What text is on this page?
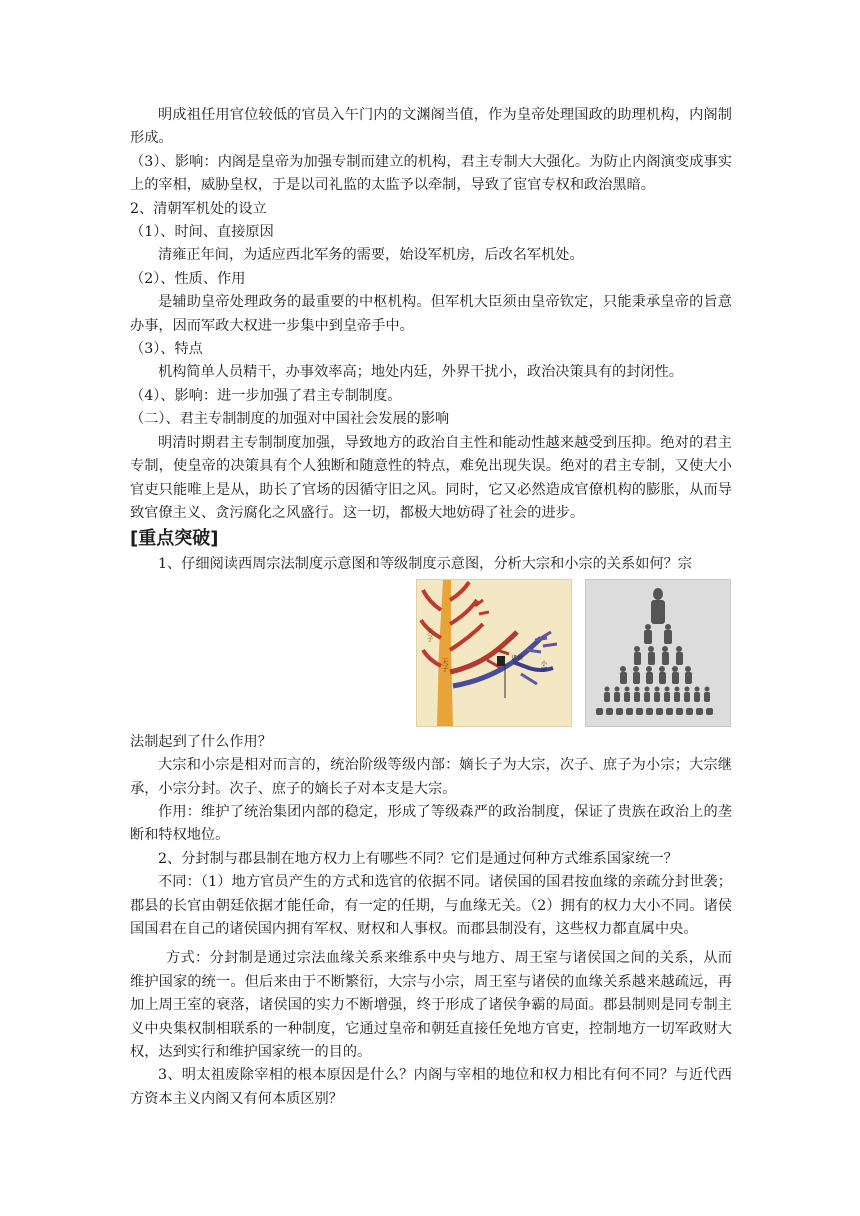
明成祖任用官位较低的官员入午门内的文渊阁当值，作为皇帝处理国政的助理机构，内阁制形成。

（3）、影响：内阁是皇帝为加强专制而建立的机构，君主专制大大强化。为防止内阁演变成事实上的宰相，威胁皇权，于是以司礼监的太监予以牵制，导致了宦官专权和政治黑暗。

2、清朝军机处的设立

（1）、时间、直接原因

清雍正年间，为适应西北军务的需要，始设军机房，后改名军机处。

（2）、性质、作用

是辅助皇帝处理政务的最重要的中枢机构。但军机大臣须由皇帝钦定，只能秉承皇帝的旨意办事，因而军政大权进一步集中到皇帝手中。

（3）、特点

机构简单人员精干，办事效率高；地处内廷，外界干扰小，政治决策具有的封闭性。

（4）、影响：进一步加强了君主专制制度。

（二）、君主专制制度的加强对中国社会发展的影响

明清时期君主专制制度加强，导致地方的政治自主性和能动性越来越受到压抑。绝对的君主专制，使皇帝的决策具有个人独断和随意性的特点，难免出现失误。绝对的君主专制，又使大小官吏只能唯上是从，助长了官场的因循守旧之风。同时，它又必然造成官僚机构的膨胀，从而导致官僚主义、贪污腐化之风盛行。这一切，都极大地妨碍了社会的进步。

[重点突破]

1、仔细阅读西周宗法制度示意图和等级制度示意图，分析大宗和小宗的关系如何？宗

天子
天子	诸侯
小宗

法制起到了什么作用？

大宗和小宗是相对而言的，统治阶级等级内部：嫡长子为大宗，次子、庶子为小宗；大宗继承，小宗分封。次子、庶子的嫡长子对本支是大宗。

作用：维护了统治集团内部的稳定，形成了等级森严的政治制度，保证了贵族在政治上的垄断和特权地位。

2、分封制与郡县制在地方权力上有哪些不同？它们是通过何种方式维系国家统一？

不同：（1）地方官员产生的方式和选官的依据不同。诸侯国的国君按血缘的亲疏分封世袭；郡县的长官由朝廷依据才能任命，有一定的任期，与血缘无关。（2）拥有的权力大小不同。诸侯国国君在自己的诸侯国内拥有军权、财权和人事权。而郡县制没有，这些权力都直属中央。

方式：分封制是通过宗法血缘关系来维系中央与地方、周王室与诸侯国之间的关系，从而维护国家的统一。但后来由于不断繁衍，大宗与小宗，周王室与诸侯的血缘关系越来越疏远，再加上周王室的衰落，诸侯国的实力不断增强，终于形成了诸侯争霸的局面。郡县制则是同专制主义中央集权制相联系的一种制度，它通过皇帝和朝廷直接任免地方官吏，控制地方一切军政财大权，达到实行和维护国家统一的目的。

3、明太祖废除宰相的根本原因是什么？内阁与宰相的地位和权力相比有何不同？与近代西方资本主义内阁又有何本质区别？
